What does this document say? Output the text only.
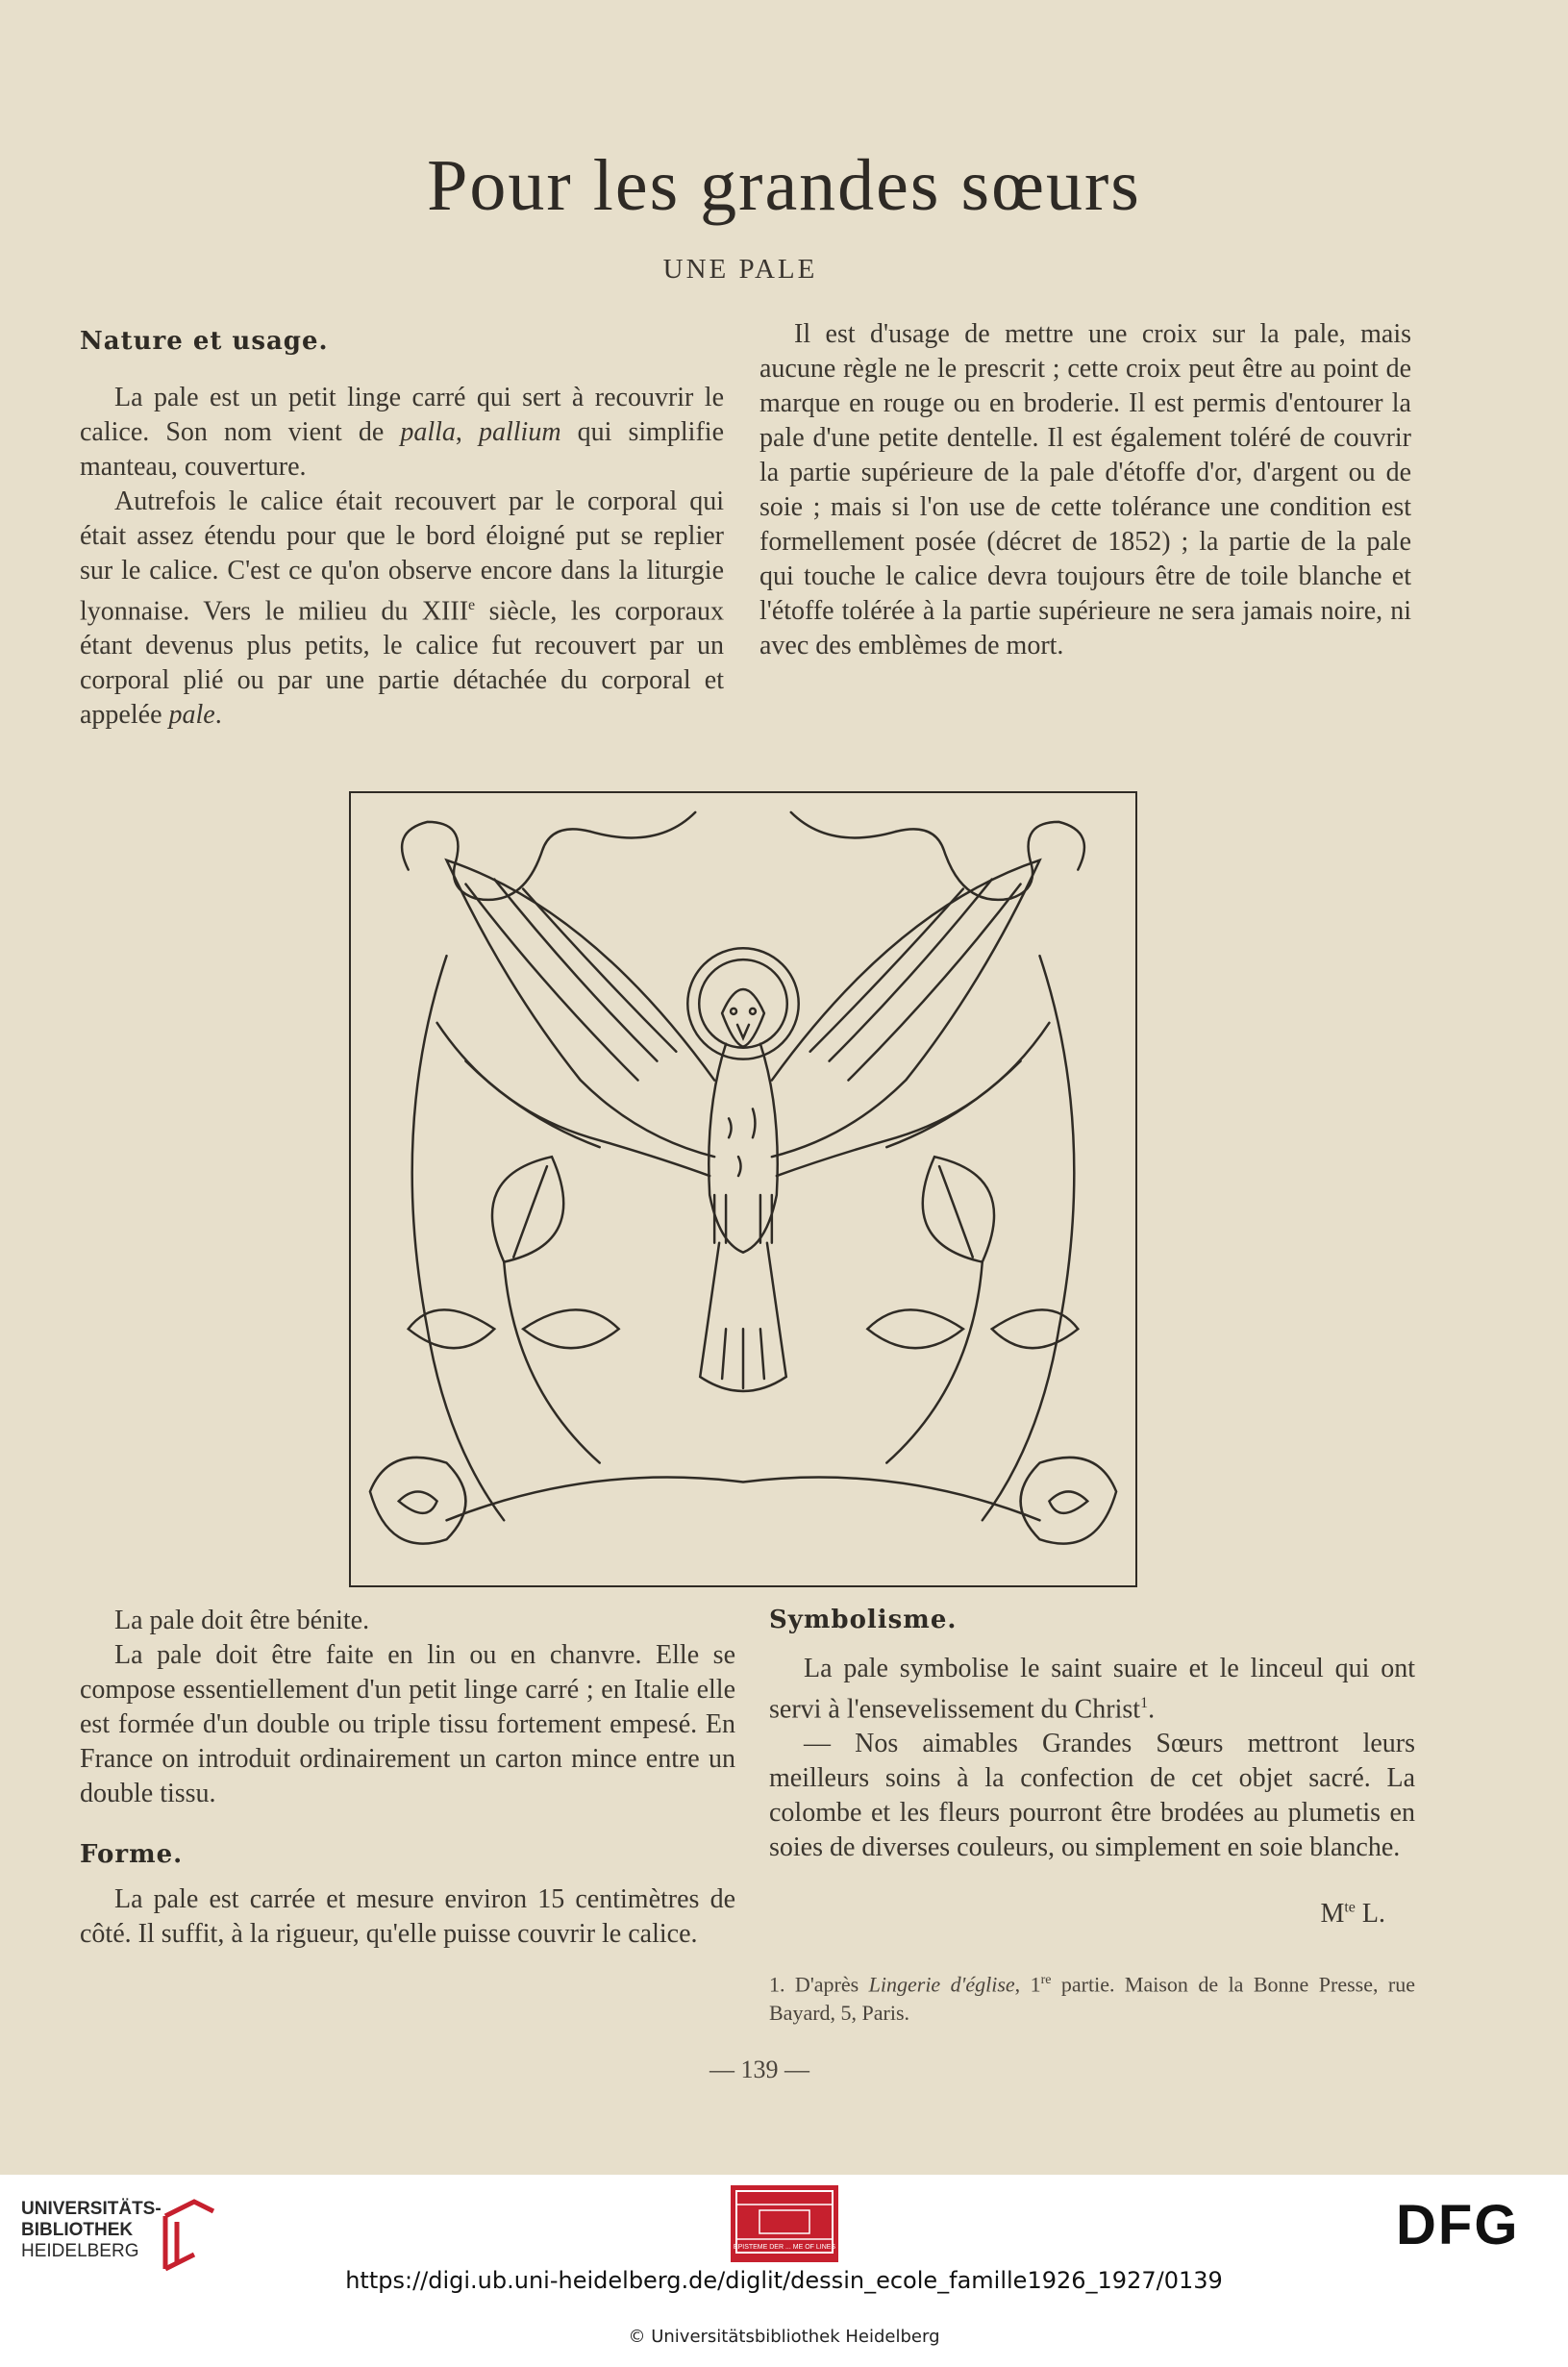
Pour les grandes sœurs
UNE PALE
Nature et usage.

La pale est un petit linge carré qui sert à recouvrir le calice. Son nom vient de palla, pallium qui simplifie manteau, couverture.

Autrefois le calice était recouvert par le corporal qui était assez étendu pour que le bord éloigné put se replier sur le calice. C'est ce qu'on observe encore dans la liturgie lyonnaise. Vers le milieu du XIIIe siècle, les corporaux étant devenus plus petits, le calice fut recouvert par un corporal plié ou par une partie détachée du corporal et appelée pale.

Il est d'usage de mettre une croix sur la pale, mais aucune règle ne le prescrit ; cette croix peut être au point de marque en rouge ou en broderie. Il est permis d'entourer la pale d'une petite dentelle. Il est également toléré de couvrir la partie supérieure de la pale d'étoffe d'or, d'argent ou de soie ; mais si l'on use de cette tolérance une condition est formellement posée (décret de 1852) ; la partie de la pale qui touche le calice devra toujours être de toile blanche et l'étoffe tolérée à la partie supérieure ne sera jamais noire, ni avec des emblèmes de mort.

La pale doit être bénite.

La pale doit être faite en lin ou en chanvre. Elle se compose essentiellement d'un petit linge carré ; en Italie elle est formée d'un double ou triple tissu fortement empesé. En France on introduit ordinairement un carton mince entre un double tissu.

Forme.

La pale est carrée et mesure environ 15 centimètres de côté. Il suffit, à la rigueur, qu'elle puisse couvrir le calice.

Symbolisme.

La pale symbolise le saint suaire et le linceul qui ont servi à l'ensevelissement du Christ$^1$.

— Nos aimables Grandes Sœurs mettront leurs meilleurs soins à la confection de cet objet sacré. La colombe et les fleurs pourront être brodées au plumetis en soies de diverses couleurs, ou simplement en soie blanche.

$M^{te}$ L.
1. D'après Lingerie d'église, 1re partie. Maison de la Bonne Presse, rue Bayard, 5, Paris.
— 139 —
UNIVERSITÄTS-
BIBLIOTHEK
HEIDELBERG	EPISTEME DER ... ME OF LINES	DFG
https://digi.ub.uni-heidelberg.de/diglit/dessin_ecole_famille1926_1927/0139
© Universitätsbibliothek Heidelberg
